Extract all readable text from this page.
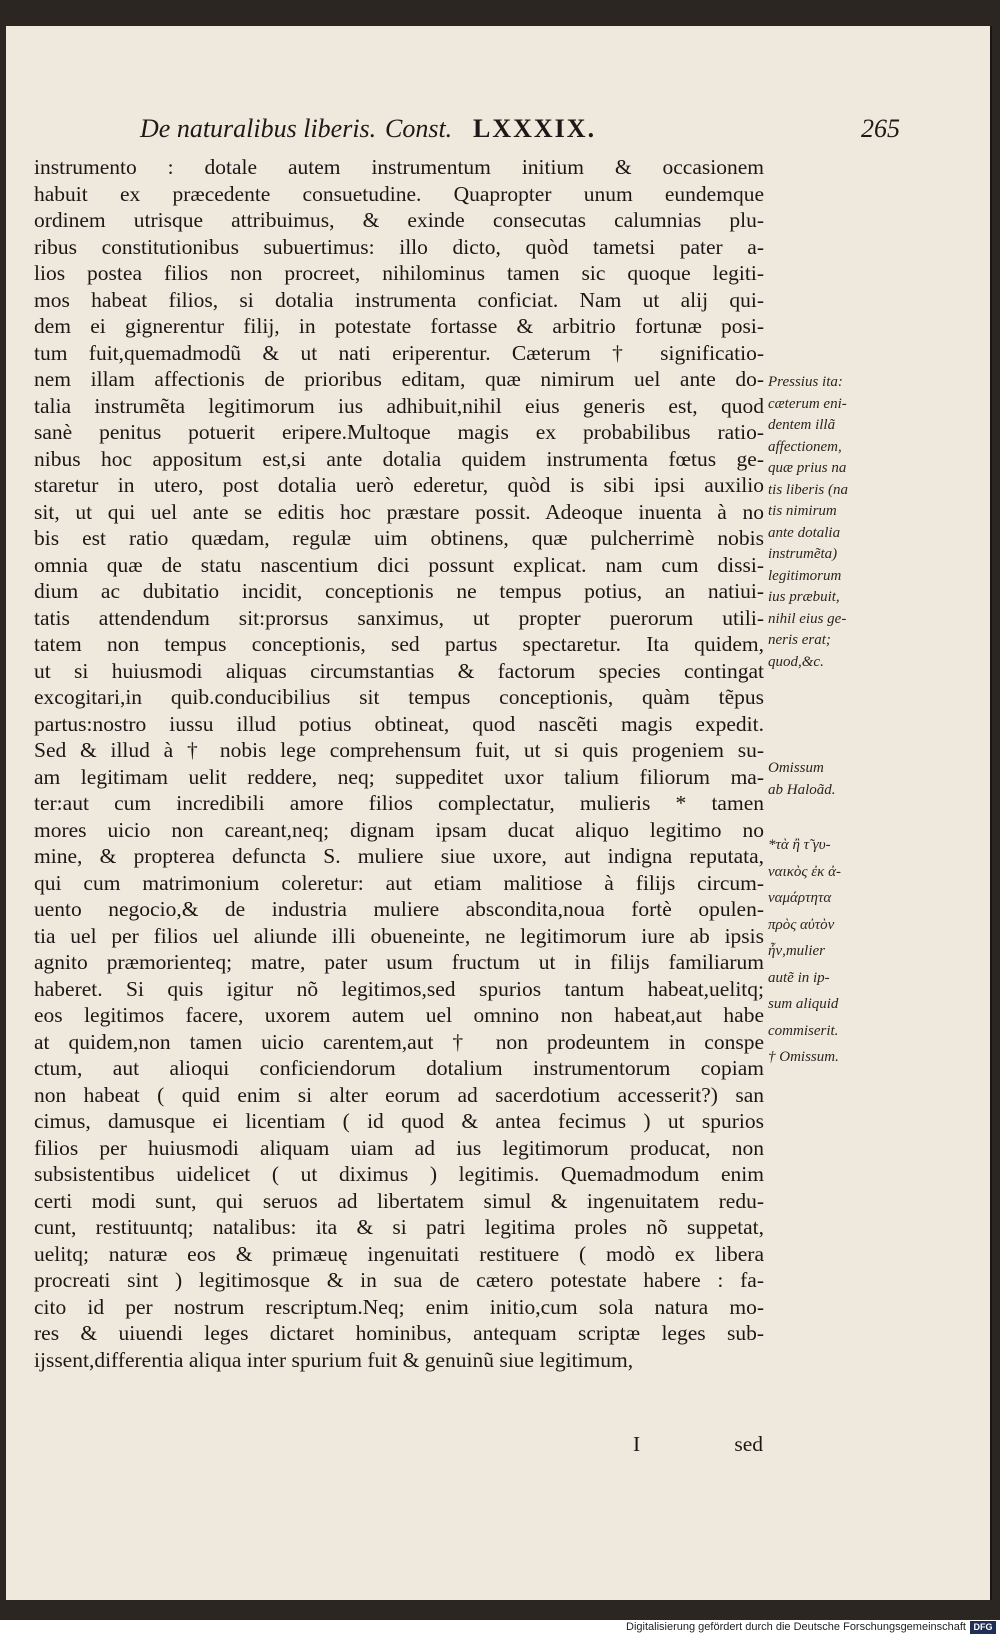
De naturalibus liberis. Const. LXXXIX.	265
instrumento : dotale autem instrumentum initium & occasionem
habuit ex præcedente consuetudine. Quapropter unum eundemque
ordinem utrisque attribuimus, & exinde consecutas calumnias plu-
ribus constitutionibus subuertimus: illo dicto, quòd tametsi pater a-
lios postea filios non procreet, nihilominus tamen sic quoque legiti-
mos habeat filios, si dotalia instrumenta conficiat. Nam ut alij qui-
dem ei gignerentur filij, in potestate fortasse & arbitrio fortunæ posi-
tum fuit,quemadmodũ & ut nati eriperentur. Cæterum † significatio-
nem illam affectionis de prioribus editam, quæ nimirum uel ante do-
talia instrumẽta legitimorum ius adhibuit,nihil eius generis est, quod
sanè penitus potuerit eripere.Multoque magis ex probabilibus ratio-
nibus hoc appositum est,si ante dotalia quidem instrumenta fœtus ge-
staretur in utero, post dotalia uerò ederetur, quòd is sibi ipsi auxilio
sit, ut qui uel ante se editis hoc præstare possit. Adeoque inuenta à no
bis est ratio quædam, regulæ uim obtinens, quæ pulcherrimè nobis
omnia quæ de statu nascentium dici possunt explicat. nam cum dissi-
dium ac dubitatio incidit, conceptionis ne tempus potius, an natiui-
tatis attendendum sit:prorsus sanximus, ut propter puerorum utili-
tatem non tempus conceptionis, sed partus spectaretur. Ita quidem,
ut si huiusmodi aliquas circumstantias & factorum species contingat
excogitari,in quib.conducibilius sit tempus conceptionis, quàm tẽpus
partus:nostro iussu illud potius obtineat, quod nascẽti magis expedit.
Sed & illud à † nobis lege comprehensum fuit, ut si quis progeniem su-
am legitimam uelit reddere, neq; suppeditet uxor talium filiorum ma-
ter:aut cum incredibili amore filios complectatur, mulieris * tamen
mores uicio non careant,neq; dignam ipsam ducat aliquo legitimo no
mine, & propterea defuncta S. muliere siue uxore, aut indigna reputata,
qui cum matrimonium coleretur: aut etiam malitiose à filijs circum-
uento negocio,& de industria muliere abscondita,noua fortè opulen-
tia uel per filios uel aliunde illi obueneinte, ne legitimorum iure ab ipsis
agnito præmorienteq; matre, pater usum fructum ut in filijs familiarum
haberet. Si quis igitur nõ legitimos,sed spurios tantum habeat,uelitq;
eos legitimos facere, uxorem autem uel omnino non habeat,aut habe
at quidem,non tamen uicio carentem,aut † non prodeuntem in conspe
ctum, aut alioqui conficiendorum dotalium instrumentorum copiam
non habeat ( quid enim si alter eorum ad sacerdotium accesserit?) san
cimus, damusque ei licentiam ( id quod & antea fecimus ) ut spurios
filios per huiusmodi aliquam uiam ad ius legitimorum producat, non
subsistentibus uidelicet ( ut diximus ) legitimis. Quemadmodum enim
certi modi sunt, qui seruos ad libertatem simul & ingenuitatem redu-
cunt, restituuntq; natalibus: ita & si patri legitima proles nõ suppetat,
uelitq; naturæ eos & primæuę ingenuitati restituere ( modò ex libera
procreati sint ) legitimosque & in sua de cætero potestate habere : fa-
cito id per nostrum rescriptum.Neq; enim initio,cum sola natura mo-
res & uiuendi leges dictaret hominibus, antequam scriptæ leges sub-
ijssent,differentia aliqua inter spurium fuit & genuinũ siue legitimum,
Pressius ita:
cæterum eni-
dentem illã
affectionem,
quæ prius na
tis liberis (na
tis nimirum
ante dotalia
instrumẽta)
legitimorum
ius præbuit,
nihil eius ge-
neris erat;
quod,&c.
Omissum
ab Haloãd.
*τὰ ἢ τ̃ γυ-
ναικὸς ἐκ ἀ-
ναμάρτητα
πρὸς αὐτὸν
ἦν,mulier
autẽ in ip-
sum aliquid
commiserit.
† Omissum.
I	sed
Digitalisierung gefördert durch die Deutsche Forschungsgemeinschaft DFG
